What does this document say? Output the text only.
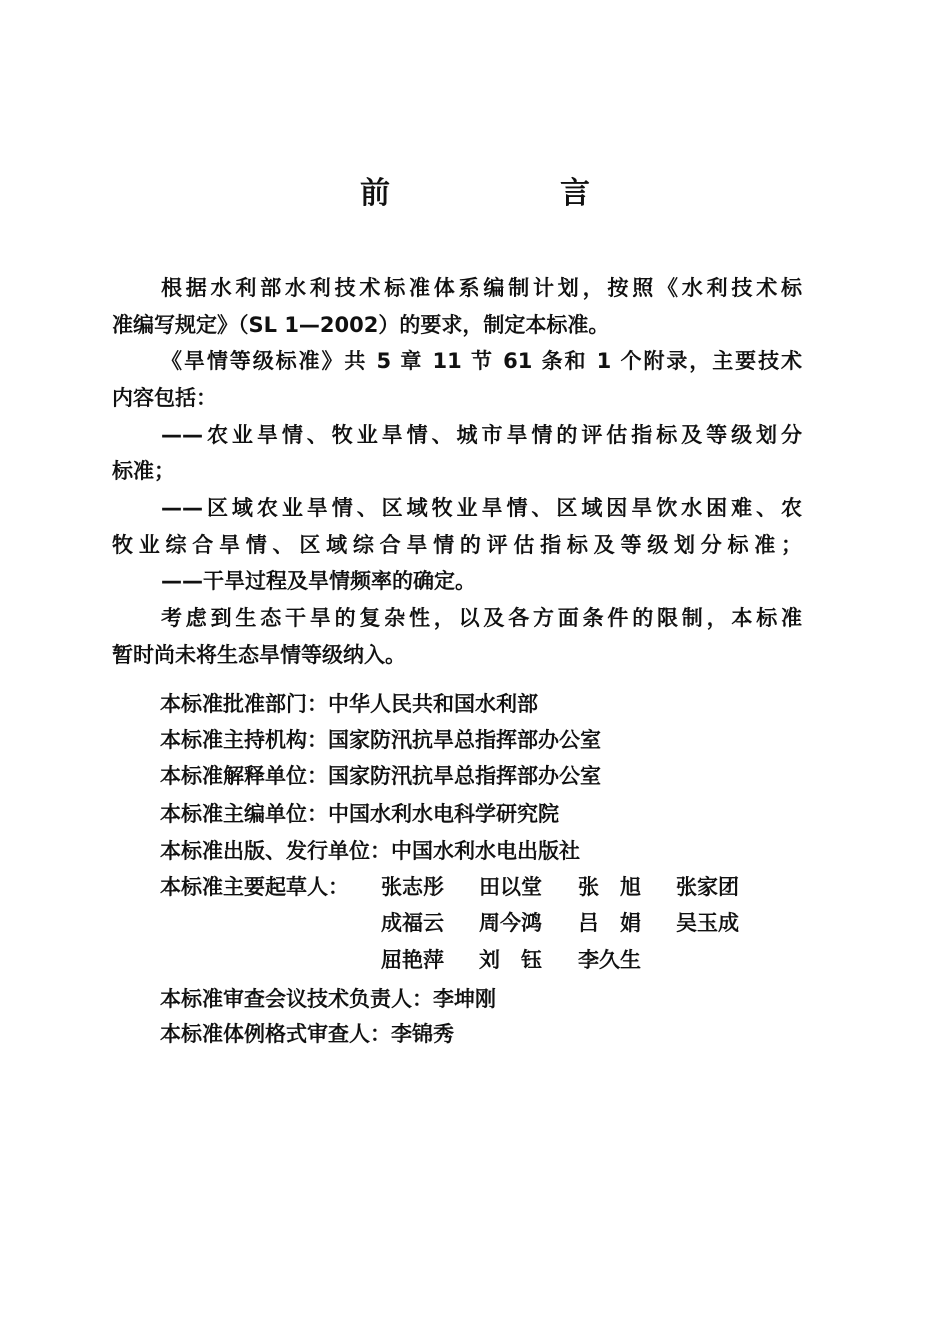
前　言
根据水利部水利技术标准体系编制计划，按照《水利技术标
准编写规定》（SL 1—2002）的要求，制定本标准。
《旱情等级标准》共 5 章 11 节 61 条和 1 个附录，主要技术
内容包括：
——农业旱情、牧业旱情、城市旱情的评估指标及等级划分
标准；
——区域农业旱情、区域牧业旱情、区域因旱饮水困难、农
牧业综合旱情、区域综合旱情的评估指标及等级划分标准；
——干旱过程及旱情频率的确定。
考虑到生态干旱的复杂性，以及各方面条件的限制，本标准
暂时尚未将生态旱情等级纳入。
本标准批准部门：中华人民共和国水利部
本标准主持机构：国家防汛抗旱总指挥部办公室
本标准解释单位：国家防汛抗旱总指挥部办公室
本标准主编单位：中国水利水电科学研究院
本标准出版、发行单位：中国水利水电出版社
本标准主要起草人： 张志彤 田以堂 张　旭 张家团
成福云 周今鸿 吕　娟 吴玉成
屈艳萍 刘　钰 李久生
本标准审查会议技术负责人：李坤刚
本标准体例格式审查人：李锦秀
